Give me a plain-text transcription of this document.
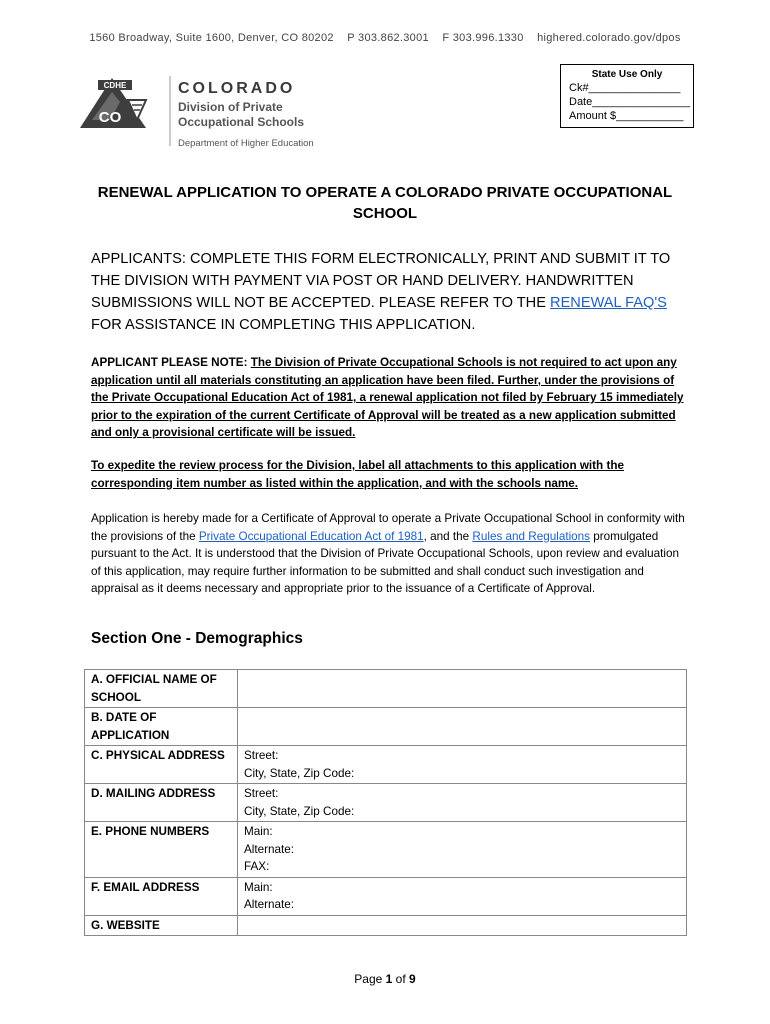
1560 Broadway, Suite 1600, Denver, CO 80202 P 303.862.3001 F 303.996.1330 highered.colorado.gov/dpos
CDHE
CO
COLORADO
Division of Private
Occupational Schools
Department of Higher Education
State Use Only
Ck#_______________
Date________________
Amount $___________
RENEWAL APPLICATION TO OPERATE A COLORADO PRIVATE OCCUPATIONAL
SCHOOL
APPLICANTS: COMPLETE THIS FORM ELECTRONICALLY, PRINT AND SUBMIT IT TO THE DIVISION WITH PAYMENT VIA POST OR HAND DELIVERY. HANDWRITTEN SUBMISSIONS WILL NOT BE ACCEPTED. PLEASE REFER TO THE RENEWAL FAQ'S
FOR ASSISTANCE IN COMPLETING THIS APPLICATION.
APPLICANT PLEASE NOTE: The Division of Private Occupational Schools is not required to act upon any application until all materials constituting an application have been filed. Further, under the provisions of the Private Occupational Education Act of 1981, a renewal application not filed by February 15 immediately prior to the expiration of the current Certificate of Approval will be treated as a new application submitted and only a provisional certificate will be issued.
To expedite the review process for the Division, label all attachments to this application with the corresponding item number as listed within the application, and with the schools name.
Application is hereby made for a Certificate of Approval to operate a Private Occupational School in conformity with the provisions of the Private Occupational Education Act of 1981, and the Rules and Regulations promulgated pursuant to the Act. It is understood that the Division of Private Occupational Schools, upon review and evaluation of this application, may require further information to be submitted and shall conduct such investigation and appraisal as it deems necessary and appropriate prior to the issuance of a Certificate of Approval.
Section One - Demographics
A. OFFICIAL NAME OF SCHOOL	
B. DATE OF APPLICATION	
C. PHYSICAL ADDRESS	Street:
City, State, Zip Code:

D. MAILING ADDRESS	Street:
City, State, Zip Code:

E. PHONE NUMBERS	Main:
Alternate:
FAX:

F. EMAIL ADDRESS	Main:
Alternate:

G. WEBSITE	
Page 1 of 9
